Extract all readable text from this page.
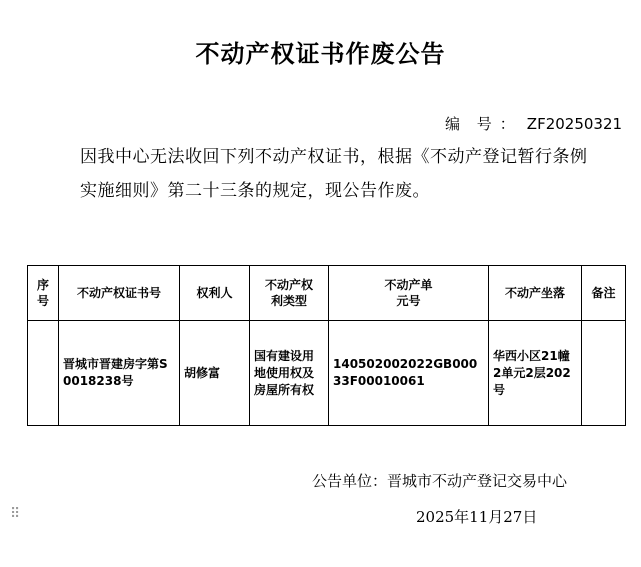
不动产权证书作废公告
编 号 ： ZF20250321
因我中心无法收回下列不动产权证书，根据《不动产登记暂行条例实施细则》第二十三条的规定，现公告作废。
序号	不动产权证书号	权利人	不动产权利类型	不动产单元号	不动产坐落	备注
	晋城市晋建房字第S0018238号	胡修富	国有建设用地使用权及房屋所有权	140502002022GB00033F00010061	华西小区21幢2单元2层202号	
公告单位：晋城市不动产登记交易中心
2025年11月27日
⠿
